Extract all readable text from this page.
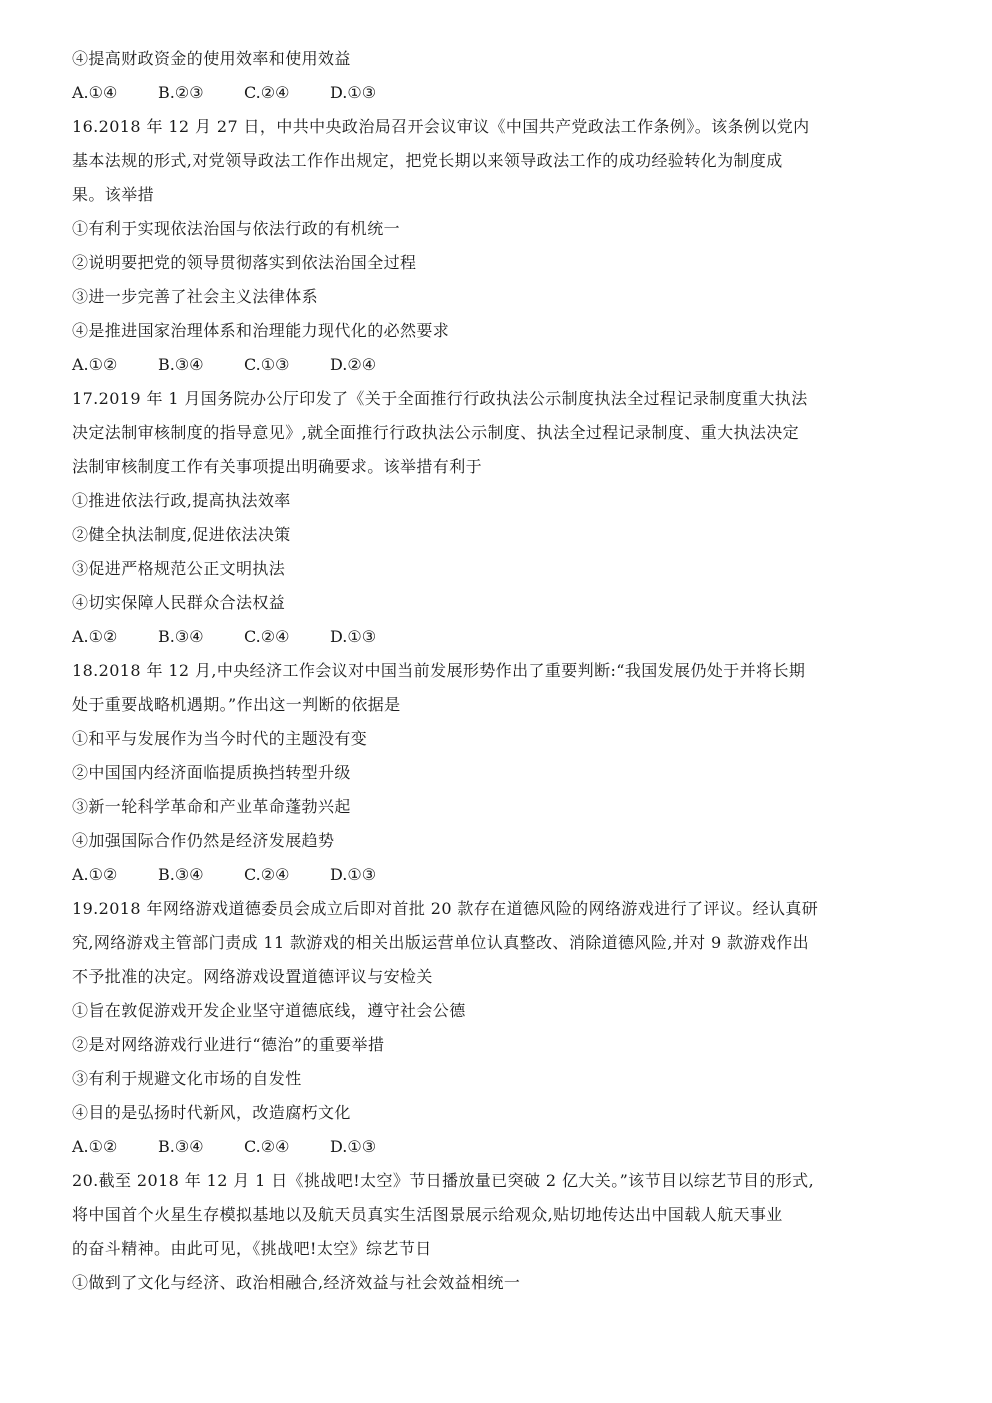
④提高财政资金的使用效率和使用效益
A.①④	B.②③	C.②④	D.①③
16.2018 年 12 月 27 日，中共中央政治局召开会议审议《中国共产党政法工作条例》。该条例以党内
基本法规的形式,对党领导政法工作作出规定，把党长期以来领导政法工作的成功经验转化为制度成
果。该举措
①有利于实现依法治国与依法行政的有机统一
②说明要把党的领导贯彻落实到依法治国全过程
③进一步完善了社会主义法律体系
④是推进国家治理体系和治理能力现代化的必然要求
A.①②	B.③④	C.①③	D.②④
17.2019 年 1 月国务院办公厅印发了《关于全面推行行政执法公示制度执法全过程记录制度重大执法
决定法制审核制度的指导意见》,就全面推行行政执法公示制度、执法全过程记录制度、重大执法决定
法制审核制度工作有关事项提出明确要求。该举措有利于
①推进依法行政,提高执法效率
②健全执法制度,促进依法决策
③促进严格规范公正文明执法
④切实保障人民群众合法权益
A.①②	B.③④	C.②④	D.①③
18.2018 年 12 月,中央经济工作会议对中国当前发展形势作出了重要判断:“我国发展仍处于并将长期
处于重要战略机遇期。”作出这一判断的依据是
①和平与发展作为当今时代的主题没有变
②中国国内经济面临提质换挡转型升级
③新一轮科学革命和产业革命蓬勃兴起
④加强国际合作仍然是经济发展趋势
A.①②	B.③④	C.②④	D.①③
19.2018 年网络游戏道德委员会成立后即对首批 20 款存在道德风险的网络游戏进行了评议。经认真研
究,网络游戏主管部门责成 11 款游戏的相关出版运营单位认真整改、消除道德风险,并对 9 款游戏作出
不予批准的决定。网络游戏设置道德评议与安检关
①旨在敦促游戏开发企业坚守道德底线，遵守社会公德
②是对网络游戏行业进行“德治”的重要举措
③有利于规避文化市场的自发性
④目的是弘扬时代新风，改造腐朽文化
A.①②	B.③④	C.②④	D.①③
20.截至 2018 年 12 月 1 日《挑战吧!太空》节日播放量已突破 2 亿大关。”该节目以综艺节目的形式,
将中国首个火星生存模拟基地以及航天员真实生活图景展示给观众,贴切地传达出中国载人航天事业
的奋斗精神。由此可见，《挑战吧!太空》综艺节日
①做到了文化与经济、政治相融合,经济效益与社会效益相统一
